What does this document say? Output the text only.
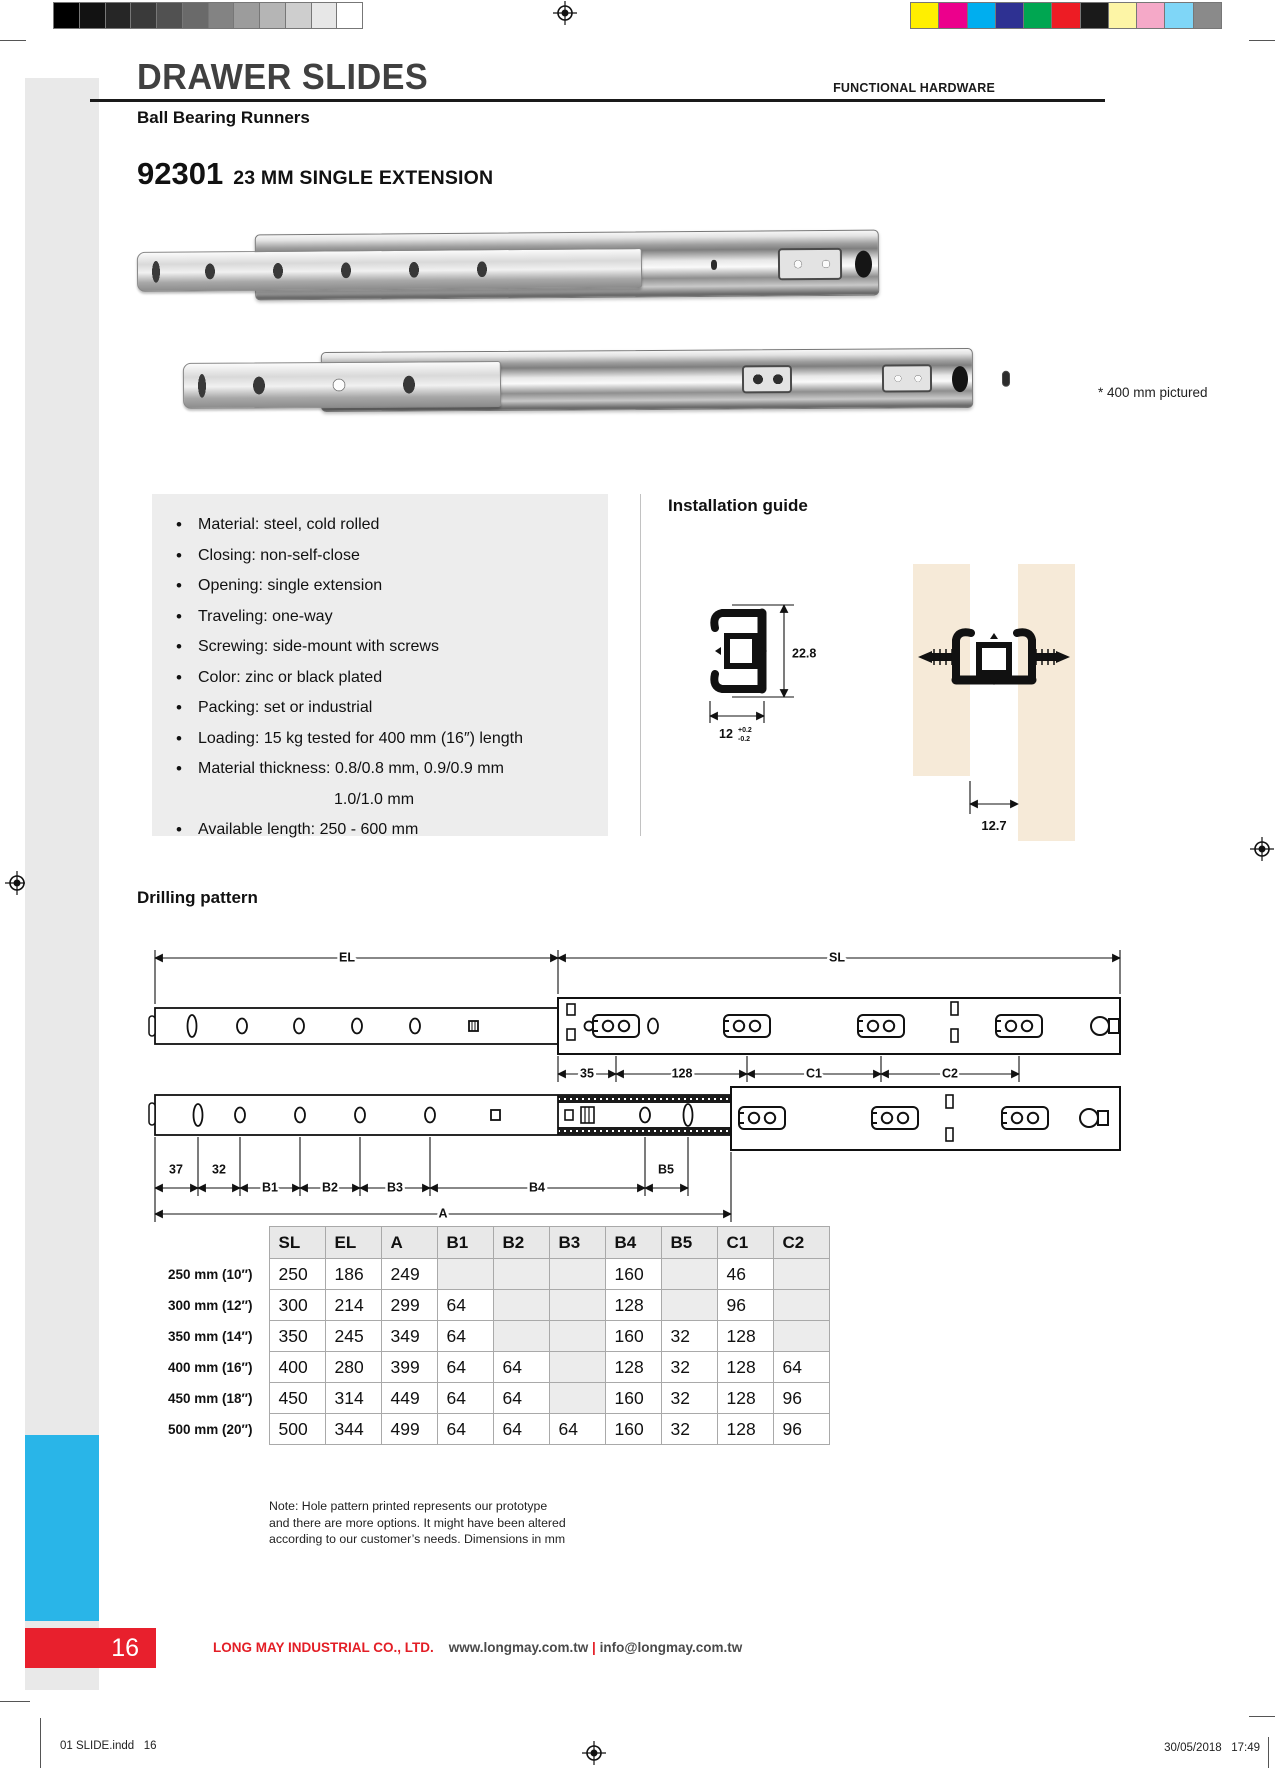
16
DRAWER SLIDES	FUNCTIONAL HARDWARE
Ball Bearing Runners
92301 23 MM SINGLE EXTENSION
* 400 mm pictured
•	Material: steel, cold rolled
•	Closing: non-self-close
•	Opening: single extension
•	Traveling: one-way
•	Screwing: side-mount with screws
•	Color: zinc or black plated
•	Packing: set or industrial
•	Loading: 15 kg tested for 400 mm (16″) length
•	Material thickness: 0.8/0.8 mm, 0.9/0.9 mm
1.0/1.0 mm
•	Available length: 250 - 600 mm
Installation guide
22.8
12 +0.2
-0.2
12.7
Drilling pattern
EL	SL
35	128	C1	C2
37 32
B1	B2	B3	B4
B5
A
	SL	EL	A	B1	B2	B3	B4	B5	C1	C2
250 mm (10″)	250	186	249				160		46	
300 mm (12″)	300	214	299	64			128		96	
350 mm (14″)	350	245	349	64			160	32	128	
400 mm (16″)	400	280	399	64	64		128	32	128	64
450 mm (18″)	450	314	449	64	64		160	32	128	96
500 mm (20″)	500	344	499	64	64	64	160	32	128	96
Note: Hole pattern printed represents our prototype
and there are more options. It might have been altered
according to our customer’s needs. Dimensions in mm
LONG MAY INDUSTRIAL CO., LTD. www.longmay.com.tw | info@longmay.com.tw
01 SLIDE.indd   16	30/05/2018   17:49
